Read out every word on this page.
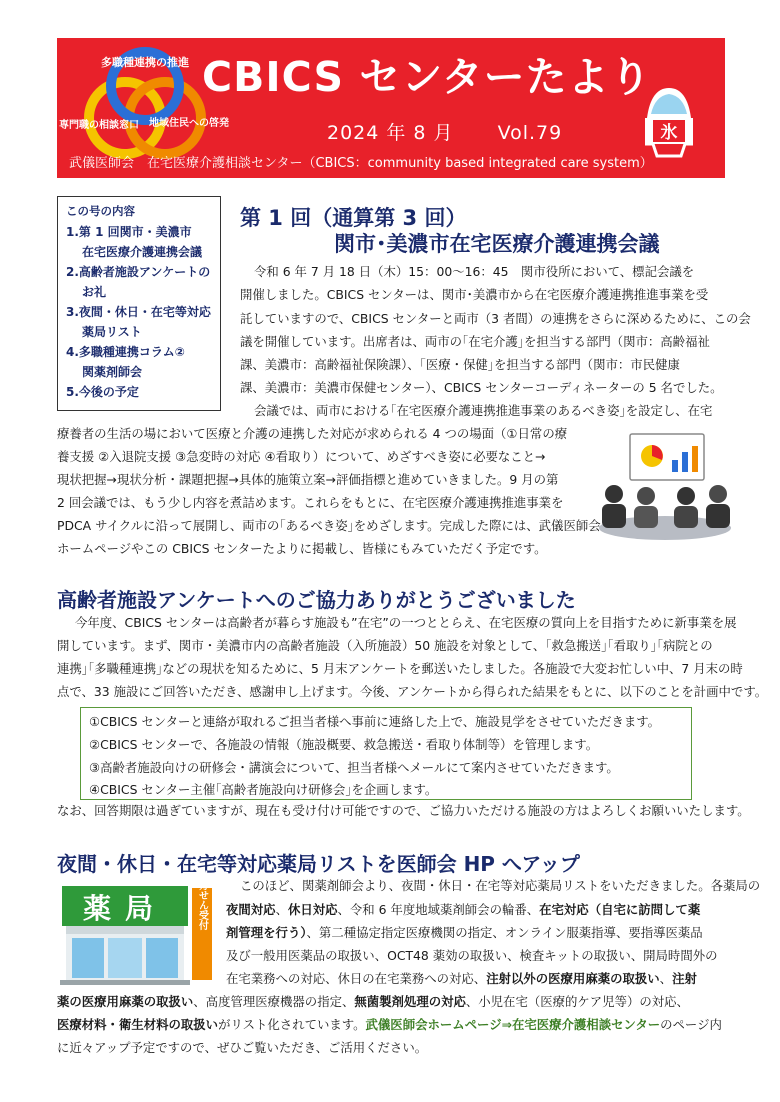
多職種連携の推進
専門職の相談窓口 地域住民への啓発
CBICS センターたより
2024 年 8 月 Vol.79	氷
武儀医師会　在宅医療介護相談センター（CBICS：community based integrated care system）
この号の内容
1.第 1 回関市・美濃市
在宅医療介護連携会議
2.高齢者施設アンケートの
お礼
3.夜間・休日・在宅等対応
薬局リスト
4.多職種連携コラム②
関薬剤師会
5.今後の予定
第 1 回（通算第 3 回）
関市･美濃市在宅医療介護連携会議
令和 6 年 7 月 18 日（木）15：00〜16：45　関市役所において、標記会議を
開催しました。CBICS センターは、関市･美濃市から在宅医療介護連携推進事業を受
託していますので、CBICS センターと両市（3 者間）の連携をさらに深めるために、この会
議を開催しています。出席者は、両市の｢在宅介護｣を担当する部門（関市：高齢福祉
課、美濃市：高齢福祉保険課）、｢医療・保健｣を担当する部門（関市：市民健康
課、美濃市：美濃市保健センター）、CBICS センターコーディネーターの 5 名でした。
会議では、両市における｢在宅医療介護連携推進事業のあるべき姿｣を設定し、在宅
療養者の生活の場において医療と介護の連携した対応が求められる 4 つの場面（①日常の療
養支援 ②入退院支援 ③急変時の対応 ④看取り）について、めざすべき姿に必要なこと→
現状把握→現状分析・課題把握→具体的施策立案→評価指標と進めていきました。9 月の第
2 回会議では、もう少し内容を煮詰めます。これらをもとに、在宅医療介護連携推進事業を
PDCA サイクルに沿って展開し、両市の｢あるべき姿｣をめざします。完成した際には、武儀医師会
ホームページやこの CBICS センターたよりに掲載し、皆様にもみていただく予定です。
高齢者施設アンケートへのご協力ありがとうございました
今年度、CBICS センターは高齢者が暮らす施設も”在宅”の一つととらえ、在宅医療の質向上を目指すために新事業を展
開しています。まず、関市・美濃市内の高齢者施設（入所施設）50 施設を対象として、｢救急搬送｣｢看取り｣｢病院との
連携｣｢多職種連携｣などの現状を知るために、5 月末アンケートを郵送いたしました。各施設で大変お忙しい中、7 月末の時
点で、33 施設にご回答いただき、感謝申し上げます。今後、アンケートから得られた結果をもとに、以下のことを計画中です。
①CBICS センターと連絡が取れるご担当者様へ事前に連絡した上で、施設見学をさせていただきます。
②CBICS センターで、各施設の情報（施設概要、救急搬送・看取り体制等）を管理します。
③高齢者施設向けの研修会・講演会について、担当者様へメールにて案内させていただきます。
④CBICS センター主催｢高齢者施設向け研修会｣を企画します。
なお、回答期限は過ぎていますが、現在も受け付け可能ですので、ご協力いただける施設の方はよろしくお願いいたします。
夜間・休日・在宅等対応薬局リストを医師会 HP へアップ
薬局	処方せん受付	このほど、関薬剤師会より、夜間・休日・在宅等対応薬局リストをいただきました。各薬局の
夜間対応、休日対応、令和 6 年度地域薬剤師会の輪番、在宅対応（自宅に訪問して薬
剤管理を行う）、第二種協定指定医療機関の指定、オンライン服薬指導、要指導医薬品
及び一般用医薬品の取扱い、OCT48 薬効の取扱い、検査キットの取扱い、開局時間外の
在宅業務への対応、休日の在宅業務への対応、注射以外の医療用麻薬の取扱い、注射
薬の医療用麻薬の取扱い、高度管理医療機器の指定、無菌製剤処理の対応、小児在宅（医療的ケア児等）の対応、
医療材料・衛生材料の取扱いがリスト化されています。武儀医師会ホームページ⇒在宅医療介護相談センターのページ内
に近々アップ予定ですので、ぜひご覧いただき、ご活用ください。
